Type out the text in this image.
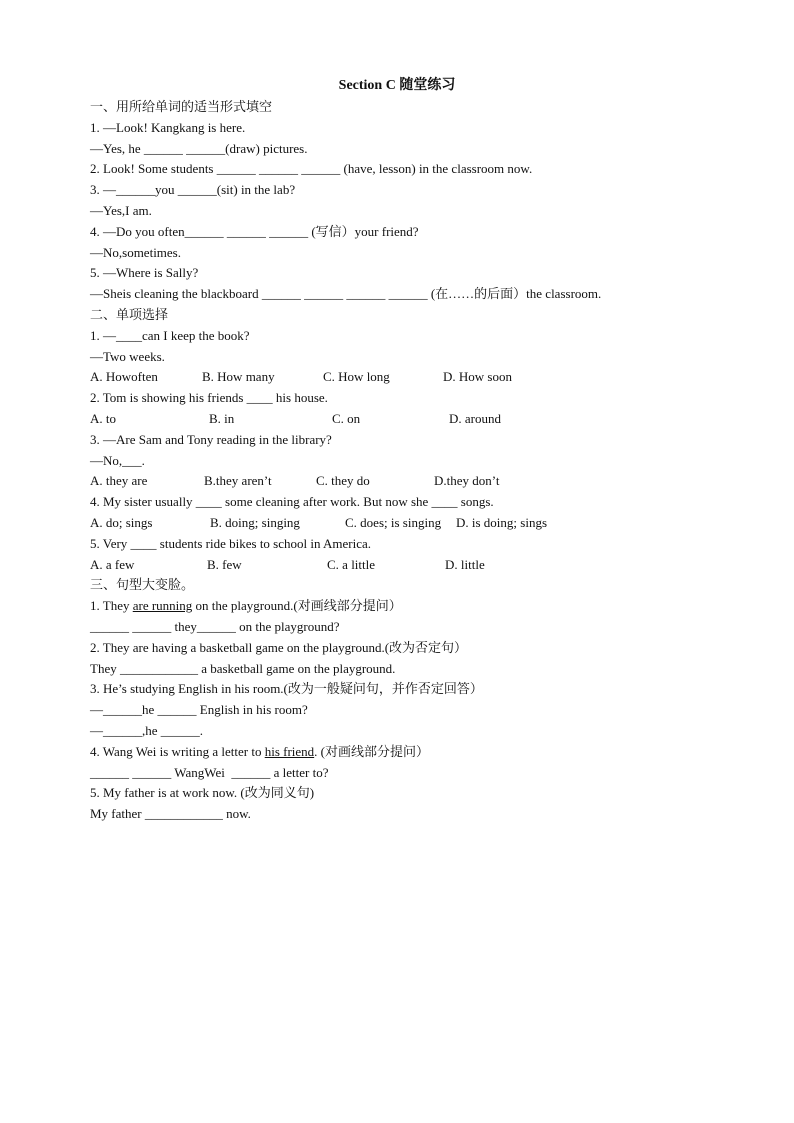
Section C 随堂练习
一、用所给单词的适当形式填空
1. —Look! Kangkang is here.
—Yes, he ______ ______(draw) pictures.
2. Look! Some students ______ ______ ______ (have, lesson) in the classroom now.
3. —______you ______(sit) in the lab?
—Yes,I am.
4. —Do you often______ ______ ______ (写信）your friend?
—No,sometimes.
5. —Where is Sally?
—Sheis cleaning the blackboard ______ ______ ______ ______ (在……的后面）the classroom.
二、单项选择
1. —____can I keep the book?
—Two weeks.
A. Howoften	B. How many	C. How long	D. How soon
2. Tom is showing his friends ____ his house.
A. to	B. in	C. on	D. around
3. —Are Sam and Tony reading in the library?
—No,___.
A. they are	B.they aren’t	C. they do	D.they don’t
4. My sister usually ____ some cleaning after work. But now she ____ songs.
A. do; sings	B. doing; singing	C. does; is singing	D. is doing; sings
5. Very ____ students ride bikes to school in America.
A. a few	B. few	C. a little	D. little
三、句型大变脸。
1. They are running on the playground.(对画线部分提问）
______ ______ they______ on the playground?
2. They are having a basketball game on the playground.(改为否定句）
They ____________ a basketball game on the playground.
3. He’s studying English in his room.(改为一般疑问句，并作否定回答）
—______he ______ English in his room?
—______,he ______.
4. Wang Wei is writing a letter to his friend. (对画线部分提问）
______ ______ WangWei  ______ a letter to?
5. My father is at work now. (改为同义句)
My father ____________ now.
